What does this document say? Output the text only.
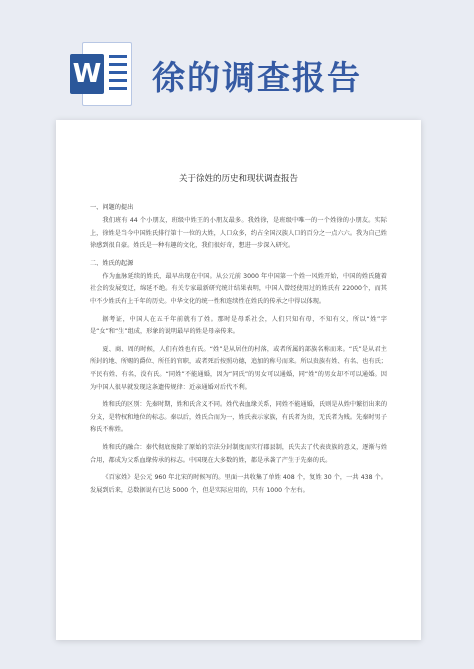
W 徐的调查报告
关于徐姓的历史和现状调查报告
一、问题的提出
我们班有 44 个小朋友，班级中姓王的小朋友最多。我姓徐，是班级中唯一的一个姓徐的小朋友。实际上，徐姓是当今中国姓氏排行第十一位的大姓，人口众多，约占全国汉族人口的百分之一点六六。我为自己姓徐感到很自豪。姓氏是一种有趣的文化，我们很好奇，想进一步深入研究。
二、姓氏的起源
作为血脉延续的姓氏，最早出现在中国。从公元前 3000 年中国第一个姓一风姓开始，中国的姓氏随着社会的发展变迁，绵延不绝。有关专家最新研究统计结果表明，中国人曾经使用过的姓氏有 22000个，而其中不少姓氏有上千年的历史。中华文化的统一性和连续性在姓氏的传承之中得以体现。
据考证，中国人在五千年前就有了姓。那时是母系社会，人们只知有母，不知有父，所以“姓”字是“女”和“生”组成，形象的说明最早的姓是母亲传来。
夏、商、周的时候，人们有姓也有氏。“姓”是从居住的村落，或者所属的部族名称而来。“氏”是从君主所封的地、所赐的爵位、所任的官职，或者死后按照功德，追加的称号而来。所以贵族有姓、有名、也有氏；平民有姓、有名，没有氏。“同姓”不能通婚，因为“同氏”的男女可以通婚，同“姓”的男女却不可以通婚。因为中国人很早就发现这条遗传规律：近亲通婚对后代不利。
姓和氏的区别：先秦时期，姓和氏含义不同。姓代表血缘关系，同姓不能通婚，氏则是从姓中繁衍出来的分支，是特权和地位的标志。秦以后，姓氏合而为一，姓氏表示家族，有氏者为贵，无氏者为贱。先秦时男子称氏不称姓。
姓和氏的融合：秦代彻底废除了原始的宗法分封制度而实行郡县制，氏失去了代表贵族的意义，逐渐与姓合用，都成为父系血缘传承的标志。中国现在大多数的姓，都是承袭了产生于先秦的氏。
《百家姓》是公元 960 年北宋的时候写的。里面一共收集了单姓 408 个，复姓 30 个，一共 438 个。发展到后来，总数据说有已达 5000 个，但是实际应用的，只有 1000 个左右。
